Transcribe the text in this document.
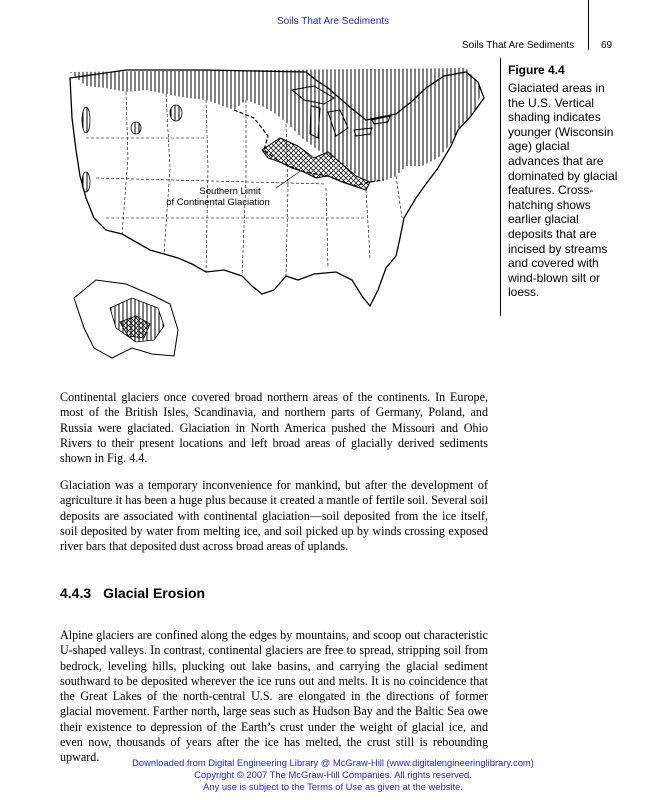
Soils That Are Sediments
Soils That Are Sediments	69
Southern Limit
of Continental Glaciation
Figure 4.4
Glaciated areas in the U.S. Vertical shading indicates younger (Wisconsin age) glacial advances that are dominated by glacial features. Cross-hatching shows earlier glacial deposits that are incised by streams and covered with wind-blown silt or loess.

Continental glaciers once covered broad northern areas of the continents. In Europe, most of the British Isles, Scandinavia, and northern parts of Germany, Poland, and Russia were glaciated. Glaciation in North America pushed the Missouri and Ohio Rivers to their present locations and left broad areas of glacially derived sediments shown in Fig. 4.4.

Glaciation was a temporary inconvenience for mankind, but after the development of agriculture it has been a huge plus because it created a mantle of fertile soil. Several soil deposits are associated with continental glaciation—soil deposited from the ice itself, soil deposited by water from melting ice, and soil picked up by winds crossing exposed river bars that deposited dust across broad areas of uplands.

4.4.3 Glacial Erosion

Alpine glaciers are confined along the edges by mountains, and scoop out characteristic U-shaped valleys. In contrast, continental glaciers are free to spread, stripping soil from bedrock, leveling hills, plucking out lake basins, and carrying the glacial sediment southward to be deposited wherever the ice runs out and melts. It is no coincidence that the Great Lakes of the north-central U.S. are elongated in the directions of former glacial movement. Farther north, large seas such as Hudson Bay and the Baltic Sea owe their existence to depression of the Earth’s crust under the weight of glacial ice, and even now, thousands of years after the ice has melted, the crust still is rebounding upward.	Downloaded from Digital Engineering Library @ McGraw-Hill (www.digitalengineeringlibrary.com)
Copyright © 2007 The McGraw-Hill Companies. All rights reserved.
Any use is subject to the Terms of Use as given at the website.
